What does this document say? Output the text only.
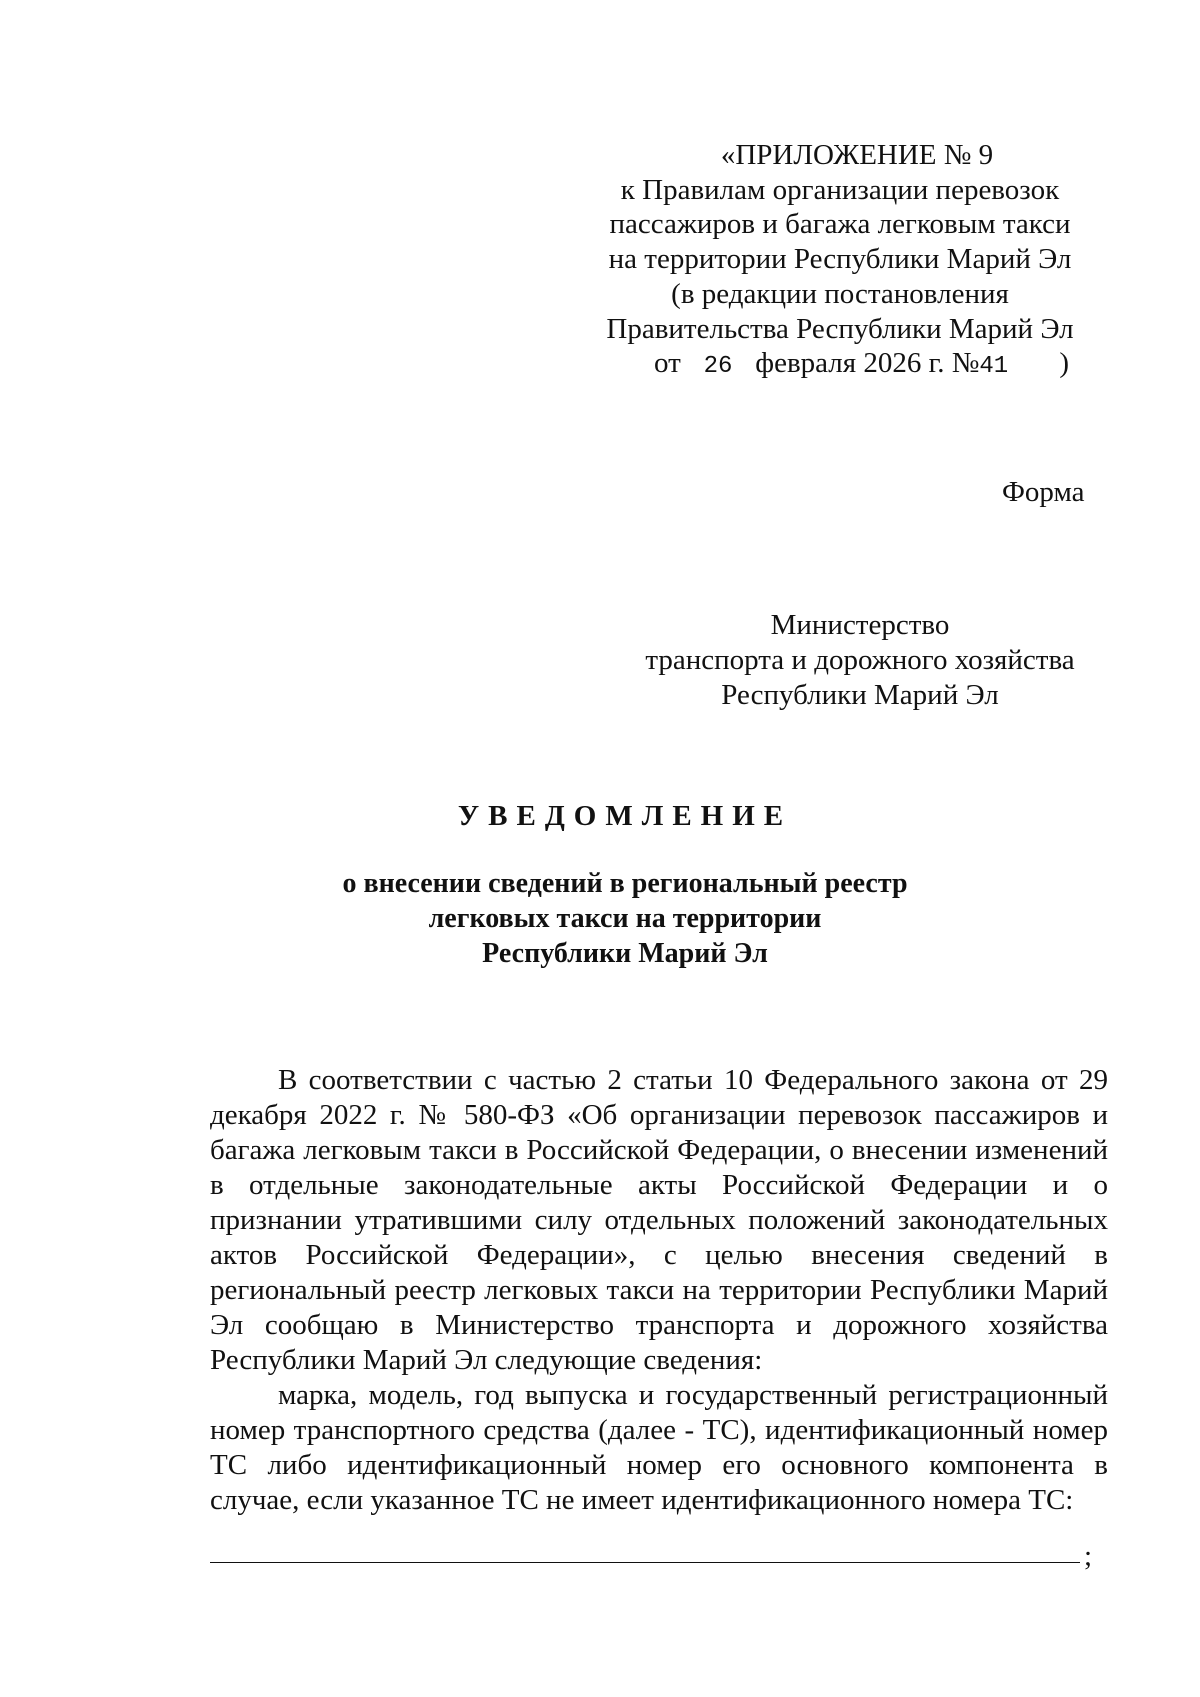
«ПРИЛОЖЕНИЕ № 9
к Правилам организации перевозок
пассажиров и багажа легковым такси
на территории Республики Марий Эл
(в редакции постановления
Правительства Республики Марий Эл
от 26 февраля 2026 г. №41 )
Форма
Министерство
транспорта и дорожного хозяйства
Республики Марий Эл
УВЕДОМЛЕНИЕ
о внесении сведений в региональный реестр
легковых такси на территории
Республики Марий Эл

В соответствии с частью 2 статьи 10 Федерального закона от 29 декабря 2022 г. № 580-ФЗ «Об организации перевозок пассажиров и багажа легковым такси в Российской Федерации, о внесении изменений в отдельные законодательные акты Российской Федерации и о признании утратившими силу отдельных положений законодательных актов Российской Федерации», с целью внесения сведений в региональный реестр легковых такси на территории Республики Марий Эл сообщаю в Министерство транспорта и дорожного хозяйства Республики Марий Эл следующие сведения:

марка, модель, год выпуска и государственный регистрационный номер транспортного средства (далее - ТС), идентификационный номер ТС либо идентификационный номер его основного компонента в случае, если указанное ТС не имеет идентификационного номера ТС:

;
